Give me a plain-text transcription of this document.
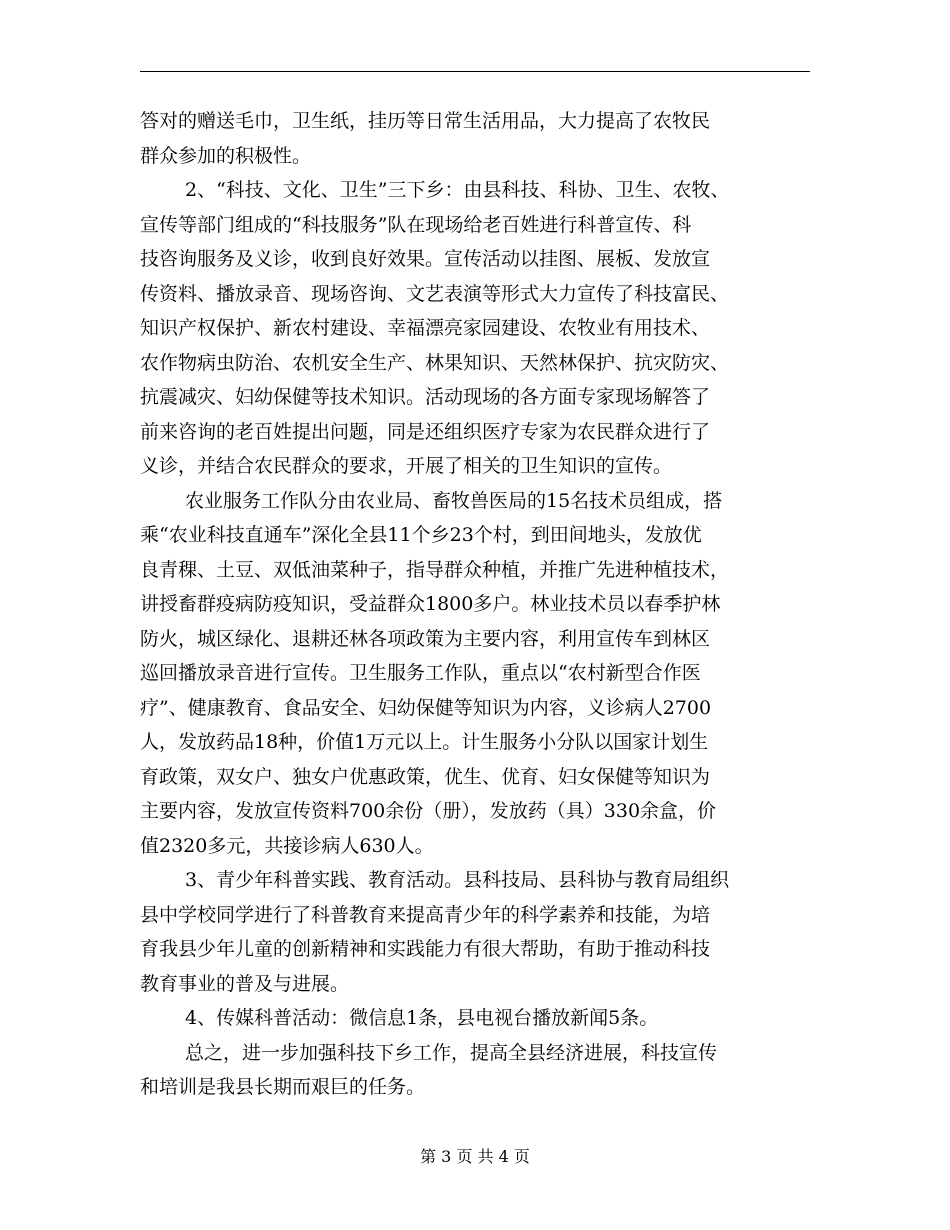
答对的赠送毛巾，卫生纸，挂历等日常生活用品，大力提高了农牧民
群众参加的积极性。
2、“科技、文化、卫生”三下乡：由县科技、科协、卫生、农牧、
宣传等部门组成的“科技服务”队在现场给老百姓进行科普宣传、科
技咨询服务及义诊，收到良好效果。宣传活动以挂图、展板、发放宣
传资料、播放录音、现场咨询、文艺表演等形式大力宣传了科技富民、
知识产权保护、新农村建设、幸福漂亮家园建设、农牧业有用技术、
农作物病虫防治、农机安全生产、林果知识、天然林保护、抗灾防灾、
抗震减灾、妇幼保健等技术知识。活动现场的各方面专家现场解答了
前来咨询的老百姓提出问题，同是还组织医疗专家为农民群众进行了
义诊，并结合农民群众的要求，开展了相关的卫生知识的宣传。
农业服务工作队分由农业局、畜牧兽医局的15名技术员组成，搭
乘“农业科技直通车”深化全县11个乡23个村，到田间地头，发放优
良青稞、土豆、双低油菜种子，指导群众种植，并推广先进种植技术，
讲授畜群疫病防疫知识，受益群众1800多户。林业技术员以春季护林
防火，城区绿化、退耕还林各项政策为主要内容，利用宣传车到林区
巡回播放录音进行宣传。卫生服务工作队，重点以“农村新型合作医
疗”、健康教育、食品安全、妇幼保健等知识为内容，义诊病人2700
人，发放药品18种，价值1万元以上。计生服务小分队以国家计划生
育政策，双女户、独女户优惠政策，优生、优育、妇女保健等知识为
主要内容，发放宣传资料700余份（册），发放药（具）330余盒，价
值2320多元，共接诊病人630人。
3、青少年科普实践、教育活动。县科技局、县科协与教育局组织
县中学校同学进行了科普教育来提高青少年的科学素养和技能，为培
育我县少年儿童的创新精神和实践能力有很大帮助，有助于推动科技
教育事业的普及与进展。
4、传媒科普活动：微信息1条，县电视台播放新闻5条。
总之，进一步加强科技下乡工作，提高全县经济进展，科技宣传
和培训是我县长期而艰巨的任务。
第 3 页 共 4 页
